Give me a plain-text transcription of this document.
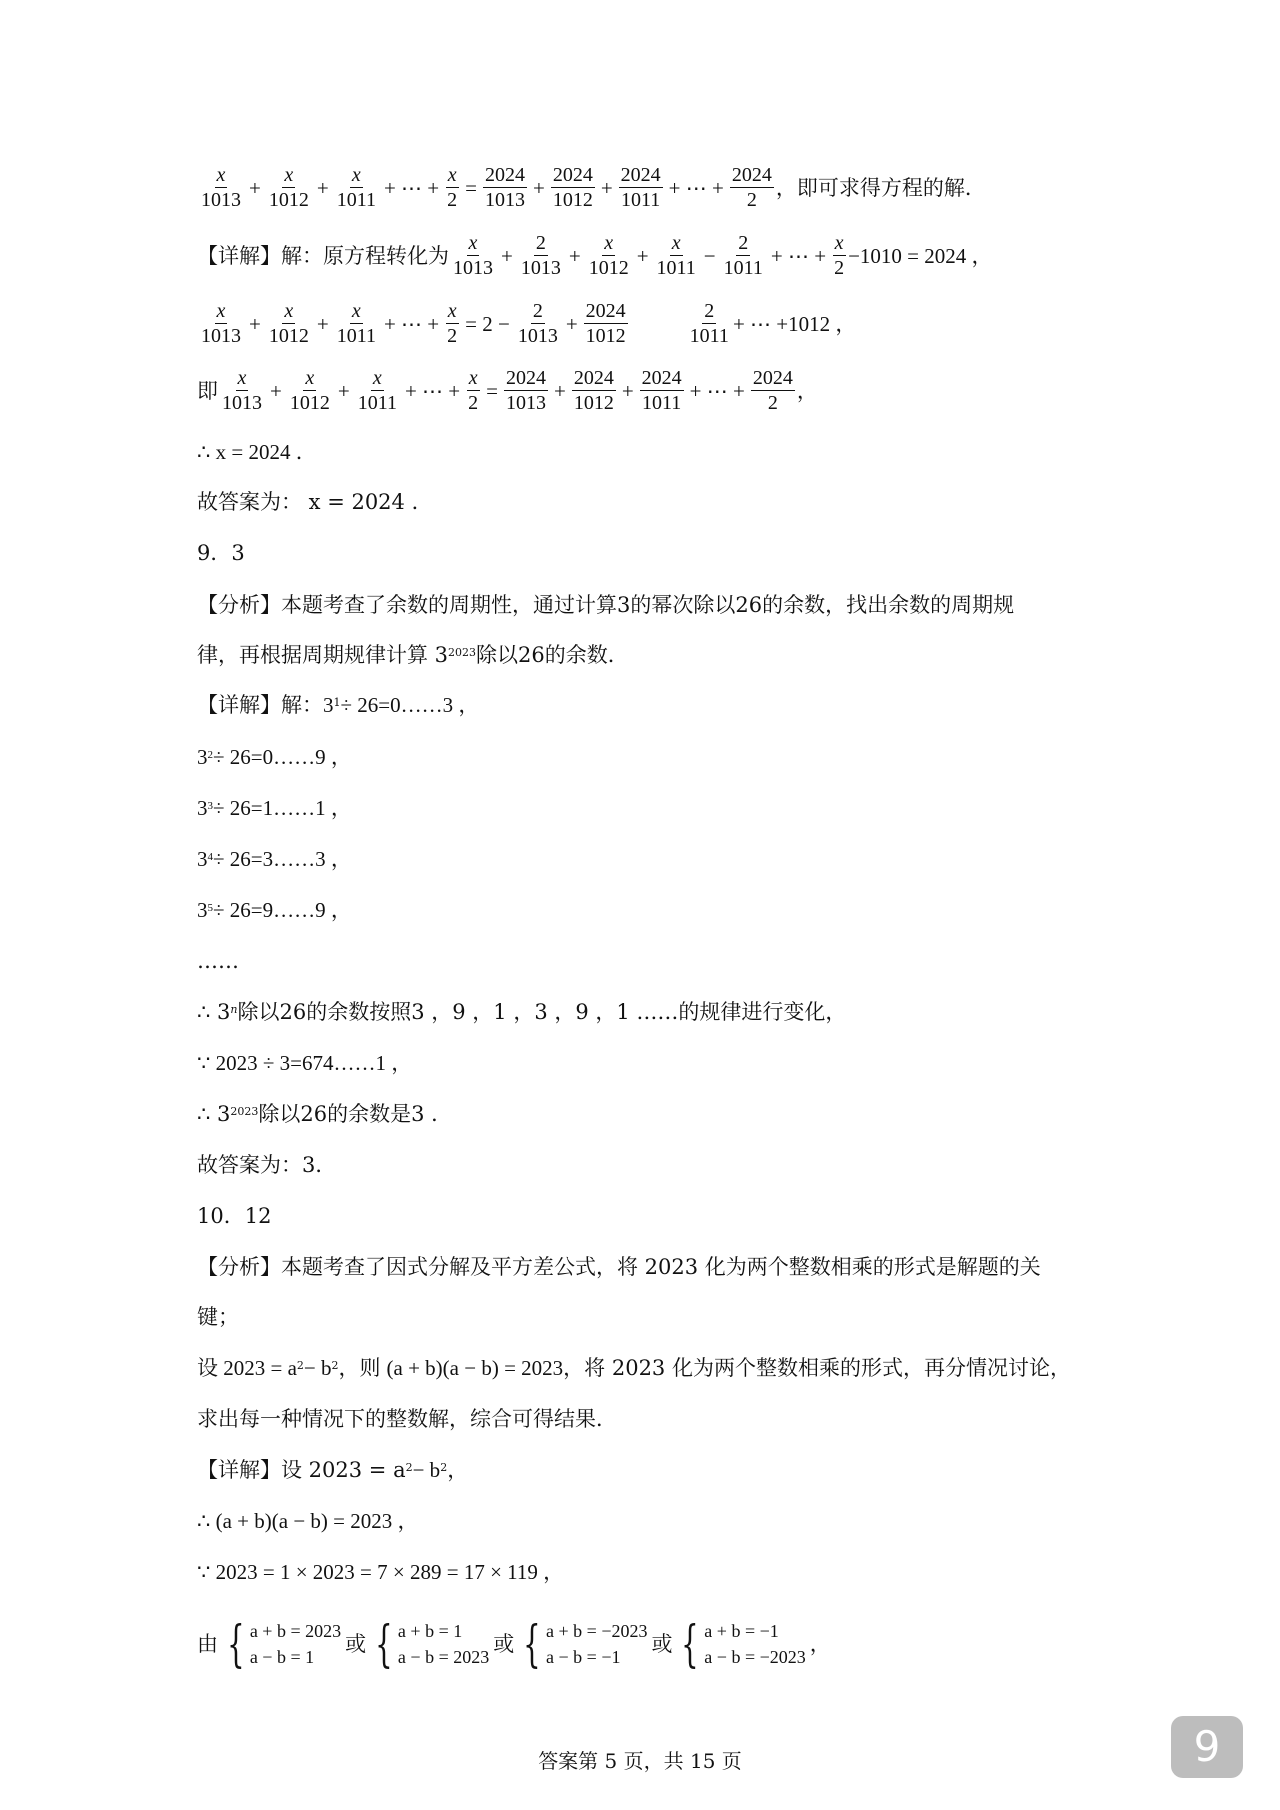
$\frac{x}{1013} + \frac{x}{1012} + \frac{x}{1011}$ + ⋯ + $\frac{x}{2} = \frac{2024}{1013} + \frac{2024}{1012} + \frac{2024}{1011}$ + ⋯ + $\frac{2024}{2}$ ，即可求得方程的解．
【详解】解：原方程转化为 $\frac{x}{1013} + \frac{2}{1013} + \frac{x}{1012} + \frac{x}{1011} - \frac{2}{1011}$ + ⋯ + $\frac{x}{2} -1010 = 2024$ ，
$\frac{x}{1013} + \frac{x}{1012} + \frac{x}{1011}$ + ⋯ + $\frac{x}{2} = 2 - \frac{2}{1013} + \frac{2024}{1012}$	$\frac{2}{1011}$ + ⋯ +1012 ，
即 $\frac{x}{1013} + \frac{x}{1012} + \frac{x}{1011}$ + ⋯ + $\frac{x}{2} = \frac{2024}{1013} + \frac{2024}{1012} + \frac{2024}{1011}$ + ⋯ + $\frac{2024}{2}$ ，
∴ x = 2024 ．
故答案为： x = 2024 ．
9．3
【分析】本题考查了余数的周期性，通过计算3的幂次除以26的余数，找出余数的周期规
律，再根据周期规律计算 $3^{2023}$ 除以26的余数．
【详解】解： $3^1$ ÷ 26=0……3 ，
$3^2$ ÷ 26=0……9 ，
$3^3$ ÷ 26=1……1 ，
$3^4$ ÷ 26=3……3 ，
$3^5$ ÷ 26=9……9 ，
……
∴ 3$^n$ 除以26的余数按照3 ，9 ，1 ，3 ，9 ，1 ……的规律进行变化，
∵ 2023 ÷ 3=674……1 ，
∴ $3^{2023}$ 除以26的余数是3 ．
故答案为：3．
10．12
【分析】本题考查了因式分解及平方差公式，将 2023 化为两个整数相乘的形式是解题的关
键；
设 $2023 = a^2 - b^2$ ，则 (a + b)(a − b) = 2023 ，将 2023 化为两个整数相乘的形式，再分情况讨论，
求出每一种情况下的整数解，综合可得结果．
【详解】设 $2023 = a^2 - b^2$ ，
∴ (a + b)(a − b) = 2023 ，
∵ 2023 = 1 × 2023 = 7 × 289 = 17 × 119 ，
由 { a + b = 2023
a − b = 1
或 { a + b = 1
a − b = 2023
或 { a + b = −2023
a − b = −1
或 { a + b = −1
a − b = −2023
，
答案第 5 页，共 15 页	9
